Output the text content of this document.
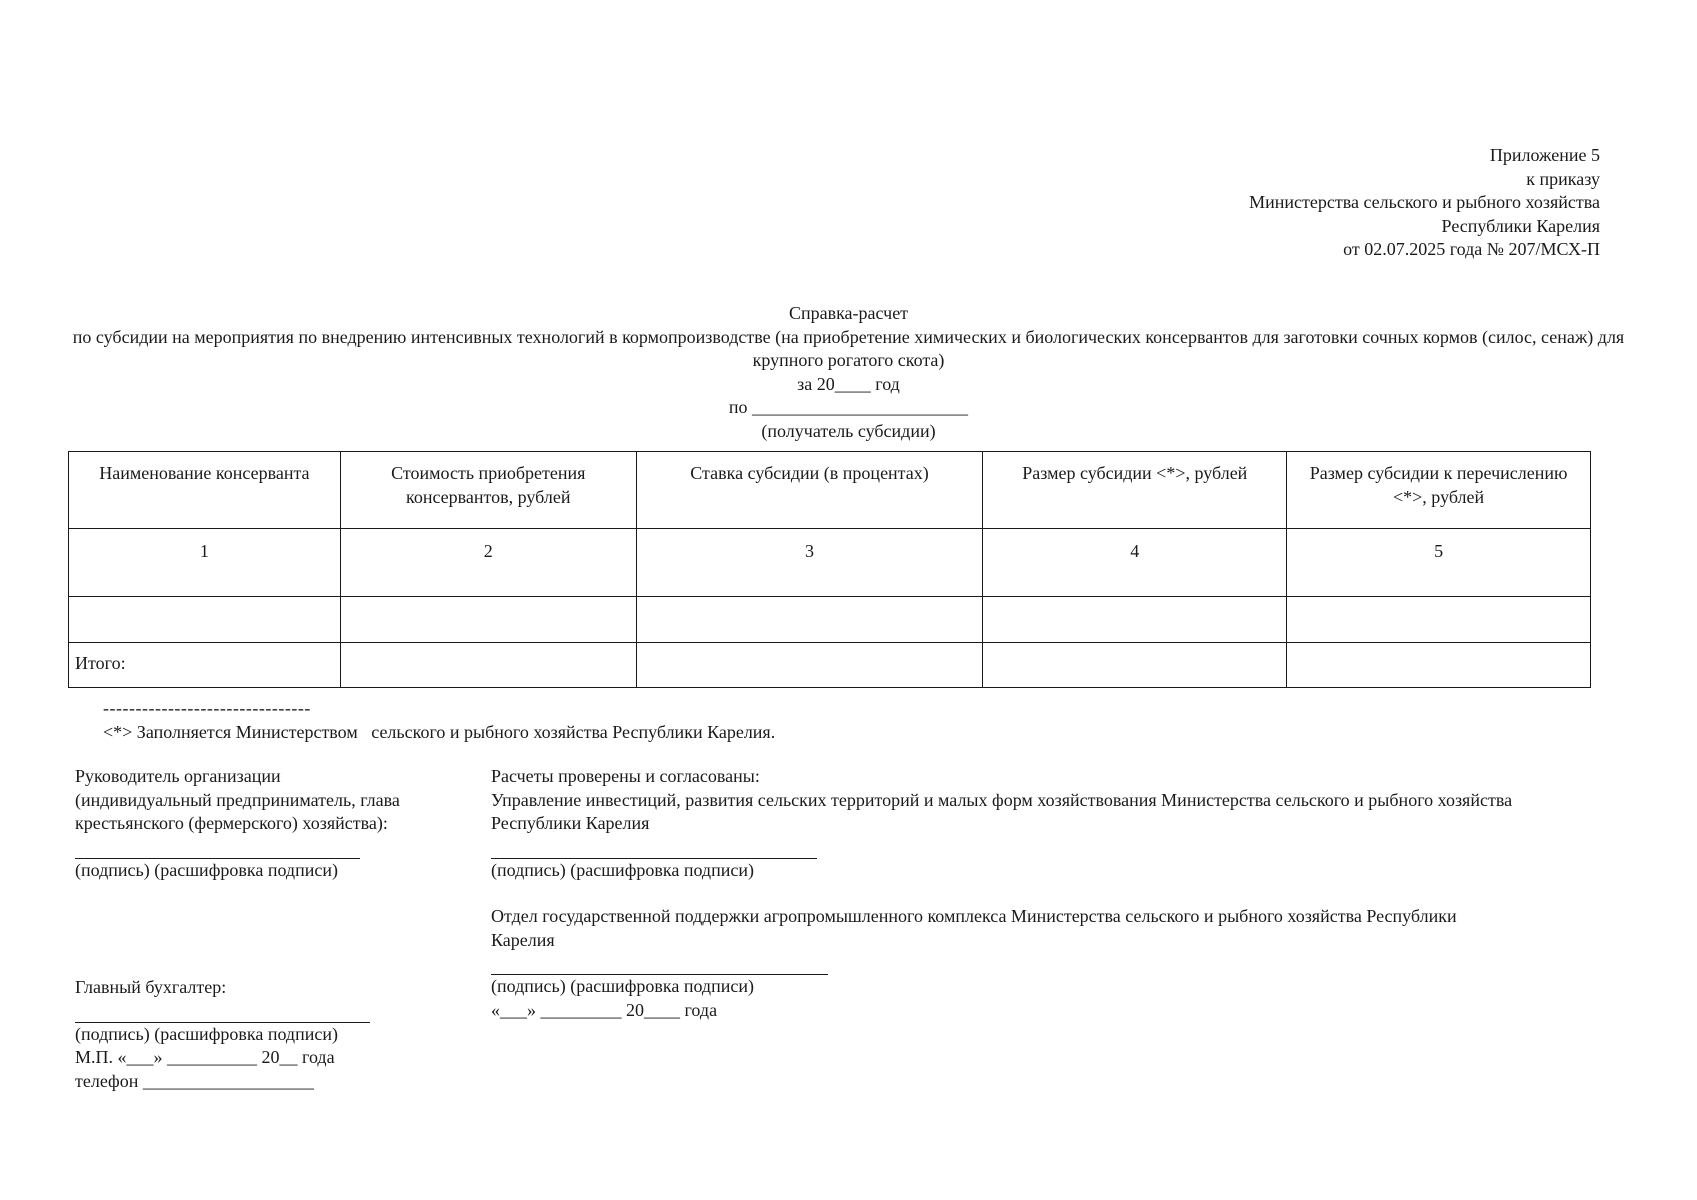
Приложение 5
к приказу
Министерства сельского и рыбного хозяйства
Республики Карелия
от 02.07.2025 года № 207/МСХ-П
Справка-расчет
по субсидии на мероприятия по внедрению интенсивных технологий в кормопроизводстве (на приобретение химических и биологических консервантов для заготовки сочных кормов (силос, сенаж) для крупного рогатого скота)
за 20____ год
по ________________________
(получатель субсидии)
Наименование консерванта	Стоимость приобретения консервантов, рублей	Ставка субсидии (в процентах)	Размер субсидии <*>, рублей	Размер субсидии к перечислению <*>, рублей
1	2	3	4	5

Итого:				
--------------------------------
<*> Заполняется Министерством   сельского и рыбного хозяйства Республики Карелия.
Руководитель организации
(индивидуальный предприниматель, глава крестьянского (фермерского) хозяйства):
(подпись) (расшифровка подписи)
Главный бухгалтер:
(подпись) (расшифровка подписи)
М.П. «___» __________ 20__ года
телефон ___________________
Расчеты проверены и согласованы:
Управление инвестиций, развития сельских территорий и малых форм хозяйствования Министерства сельского и рыбного хозяйства Республики Карелия
(подпись) (расшифровка подписи)
Отдел государственной поддержки агропромышленного комплекса Министерства сельского и рыбного хозяйства Республики Карелия
(подпись) (расшифровка подписи)
«___» _________ 20____ года
